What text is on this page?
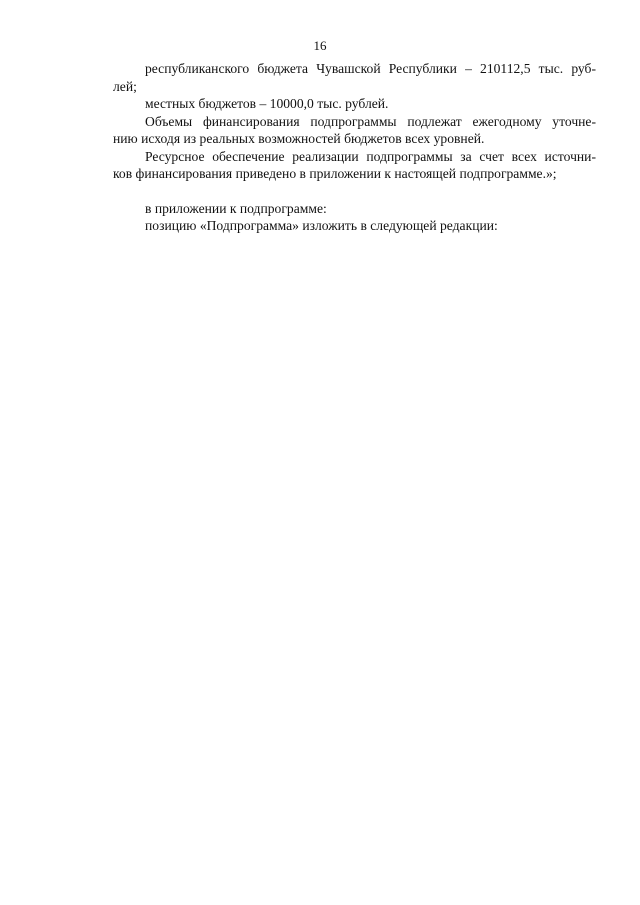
16
республиканского бюджета Чувашской Республики – 210112,5 тыс. руб-
лей;
местных бюджетов – 10000,0 тыс. рублей.
Объемы финансирования подпрограммы подлежат ежегодному уточне-
нию исходя из реальных возможностей бюджетов всех уровней.
Ресурсное обеспечение реализации подпрограммы за счет всех источни-
ков финансирования приведено в приложении к настоящей подпрограмме.»;
в приложении к подпрограмме:
позицию «Подпрограмма» изложить в следующей редакции:
